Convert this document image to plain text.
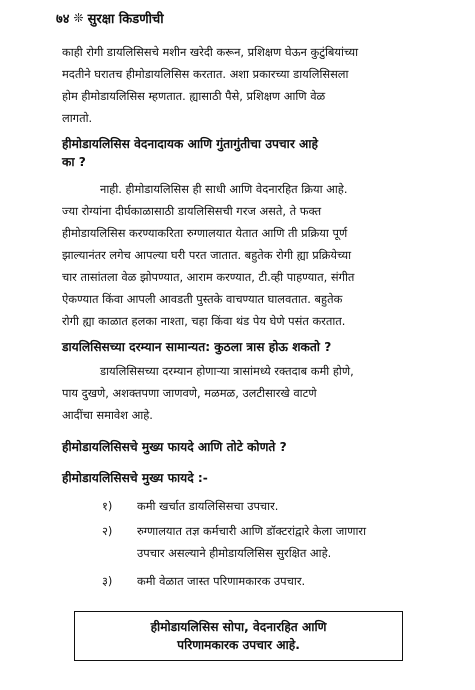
७४ ❊ सुरक्षा किडणीची
काही रोगी डायलिसिसचे मशीन खरेदी करून, प्रशिक्षण घेऊन कुटुंबियांच्या
मदतीने घरातच हीमोडायलिसिस करतात. अशा प्रकारच्या डायलिसिसला
होम हीमोडायलिसिस म्हणतात. ह्यासाठी पैसे, प्रशिक्षण आणि वेळ
लागतो.
हीमोडायलिसिस वेदनादायक आणि गुंतागुंतीचा उपचार आहे
का ?
नाही. हीमोडायलिसिस ही साधी आणि वेदनारहित क्रिया आहे.
ज्या रोग्यांना दीर्घकाळासाठी डायलिसिसची गरज असते, ते फक्त
हीमोडायलिसिस करण्याकरिता रुग्णालयात येतात आणि ती प्रक्रिया पूर्ण
झाल्यानंतर लगेच आपल्या घरी परत जातात. बहुतेक रोगी ह्या प्रक्रियेच्या
चार तासांतला वेळ झोपण्यात, आराम करण्यात, टी.व्ही पाहण्यात, संगीत
ऐकण्यात किंवा आपली आवडती पुस्तके वाचण्यात घालवतात. बहुतेक
रोगी ह्या काळात हलका नाश्ता, चहा किंवा थंड पेय घेणे पसंत करतात.
डायलिसिसच्या दरम्यान सामान्यत: कुठला त्रास होऊ शकतो ?
डायलिसिसच्या दरम्यान होणाऱ्या त्रासांमध्ये रक्तदाब कमी होणे,
पाय दुखणे, अशक्तपणा जाणवणे, मळमळ, उलटीसारखे वाटणे
आदींचा समावेश आहे.
हीमोडायलिसिसचे मुख्य फायदे आणि तोटे कोणते ?
हीमोडायलिसिसचे मुख्य फायदे :-
१) कमी खर्चात डायलिसिसचा उपचार.
२) रुग्णालयात तज्ञ कर्मचारी आणि डॉक्टरांद्वारे केला जाणारा
उपचार असल्याने हीमोडायलिसिस सुरक्षित आहे.
३) कमी वेळात जास्त परिणामकारक उपचार.
हीमोडायलिसिस सोपा, वेदनारहित आणि
परिणामकारक उपचार आहे.
